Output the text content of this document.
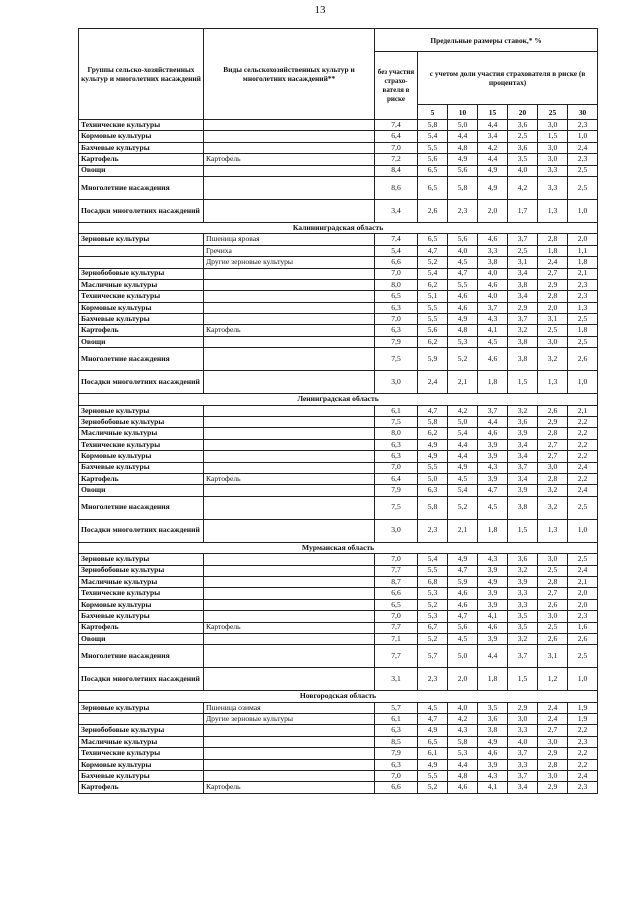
13
Группы сельско-хозяйственных культур и многолетних насаждений	Виды сельскохозяйственных культур и многолетних насаждений**	Предельные размеры ставок,* %						
		без участия страхо-вателя в риске	с учетом доли участия страхователя в риске (в процентах)					
			5	10	15	20	25	30
Технические культуры		7,4	5,8	5,0	4,4	3,6	3,0	2,3
Кормовые культуры		6,4	5,4	4,4	3,4	2,5	1,5	1,0
Бахчевые культуры		7,0	5,5	4,8	4,2	3,6	3,0	2,4
Картофель	Картофель	7,2	5,6	4,9	4,4	3,5	3,0	2,3
Овощи		8,4	6,5	5,6	4,9	4,0	3,3	2,5
Многолетние насаждения		8,6	6,5	5,8	4,9	4,2	3,3	2,5
Посадки многолетних насаждений		3,4	2,6	2,3	2,0	1,7	1,3	1,0
Калининградская область								
Зерновые культуры	Пшеница яровая	7,4	6,5	5,6	4,6	3,7	2,8	2,0
	Гречиха	5,4	4,7	4,0	3,3	2,5	1,8	1,1
	Другие зерновые культуры	6,6	5,2	4,5	3,8	3,1	2,4	1,8
Зернобобовые культуры		7,0	5,4	4,7	4,0	3,4	2,7	2,1
Масличные культуры		8,0	6,2	5,5	4,6	3,8	2,9	2,3
Технические культуры		6,5	5,1	4,6	4,0	3,4	2,8	2,3
Кормовые культуры		6,3	5,5	4,6	3,7	2,9	2,0	1,3
Бахчевые культуры		7,0	5,5	4,9	4,3	3,7	3,1	2,5
Картофель	Картофель	6,3	5,6	4,8	4,1	3,2	2,5	1,8
Овощи		7,9	6,2	5,3	4,5	3,8	3,0	2,5
Многолетние насаждения		7,5	5,9	5,2	4,6	3,8	3,2	2,6
Посадки многолетних насаждений		3,0	2,4	2,1	1,8	1,5	1,3	1,0
Ленинградская область								
Зерновые культуры		6,1	4,7	4,2	3,7	3,2	2,6	2,1
Зернобобовые культуры		7,5	5,8	5,0	4,4	3,6	2,9	2,2
Масличные культуры		8,0	6,2	5,4	4,6	3,9	2,8	2,2
Технические культуры		6,3	4,9	4,4	3,9	3,4	2,7	2,2
Кормовые культуры		6,3	4,9	4,4	3,9	3,4	2,7	2,2
Бахчевые культуры		7,0	5,5	4,9	4,3	3,7	3,0	2,4
Картофель	Картофель	6,4	5,0	4,5	3,9	3,4	2,8	2,2
Овощи		7,9	6,3	5,4	4,7	3,9	3,2	2,4
Многолетние насаждения		7,5	5,8	5,2	4,5	3,8	3,2	2,5
Посадки многолетних насаждений		3,0	2,3	2,1	1,8	1,5	1,3	1,0
Мурманская область								
Зерновые культуры		7,0	5,4	4,9	4,3	3,6	3,0	2,5
Зернобобовые культуры		7,7	5,5	4,7	3,9	3,2	2,5	2,4
Масличные культуры		8,7	6,8	5,9	4,9	3,9	2,8	2,1
Технические культуры		6,6	5,3	4,6	3,9	3,3	2,7	2,0
Кормовые культуры		6,5	5,2	4,6	3,9	3,3	2,6	2,0
Бахчевые культуры		7,0	5,3	4,7	4,1	3,5	3,0	2,3
Картофель	Картофель	7,7	6,7	5,6	4,6	3,5	2,5	1,6
Овощи		7,1	5,2	4,5	3,9	3,2	2,6	2,6
Многолетние насаждения		7,7	5,7	5,0	4,4	3,7	3,1	2,5
Посадки многолетних насаждений		3,1	2,3	2,0	1,8	1,5	1,2	1,0
Новгородская область								
Зерновые культуры	Пшеница озимая	5,7	4,5	4,0	3,5	2,9	2,4	1,9
	Другие зерновые культуры	6,1	4,7	4,2	3,6	3,0	2,4	1,9
Зернобобовые культуры		6,3	4,9	4,3	3,8	3,3	2,7	2,2
Масличные культуры		8,5	6,5	5,8	4,9	4,0	3,0	2,3
Технические культуры		7,9	6,1	5,3	4,6	3,7	2,9	2,2
Кормовые культуры		6,3	4,9	4,4	3,9	3,3	2,8	2,2
Бахчевые культуры		7,0	5,5	4,8	4,3	3,7	3,0	2,4
Картофель	Картофель	6,6	5,2	4,6	4,1	3,4	2,9	2,3
